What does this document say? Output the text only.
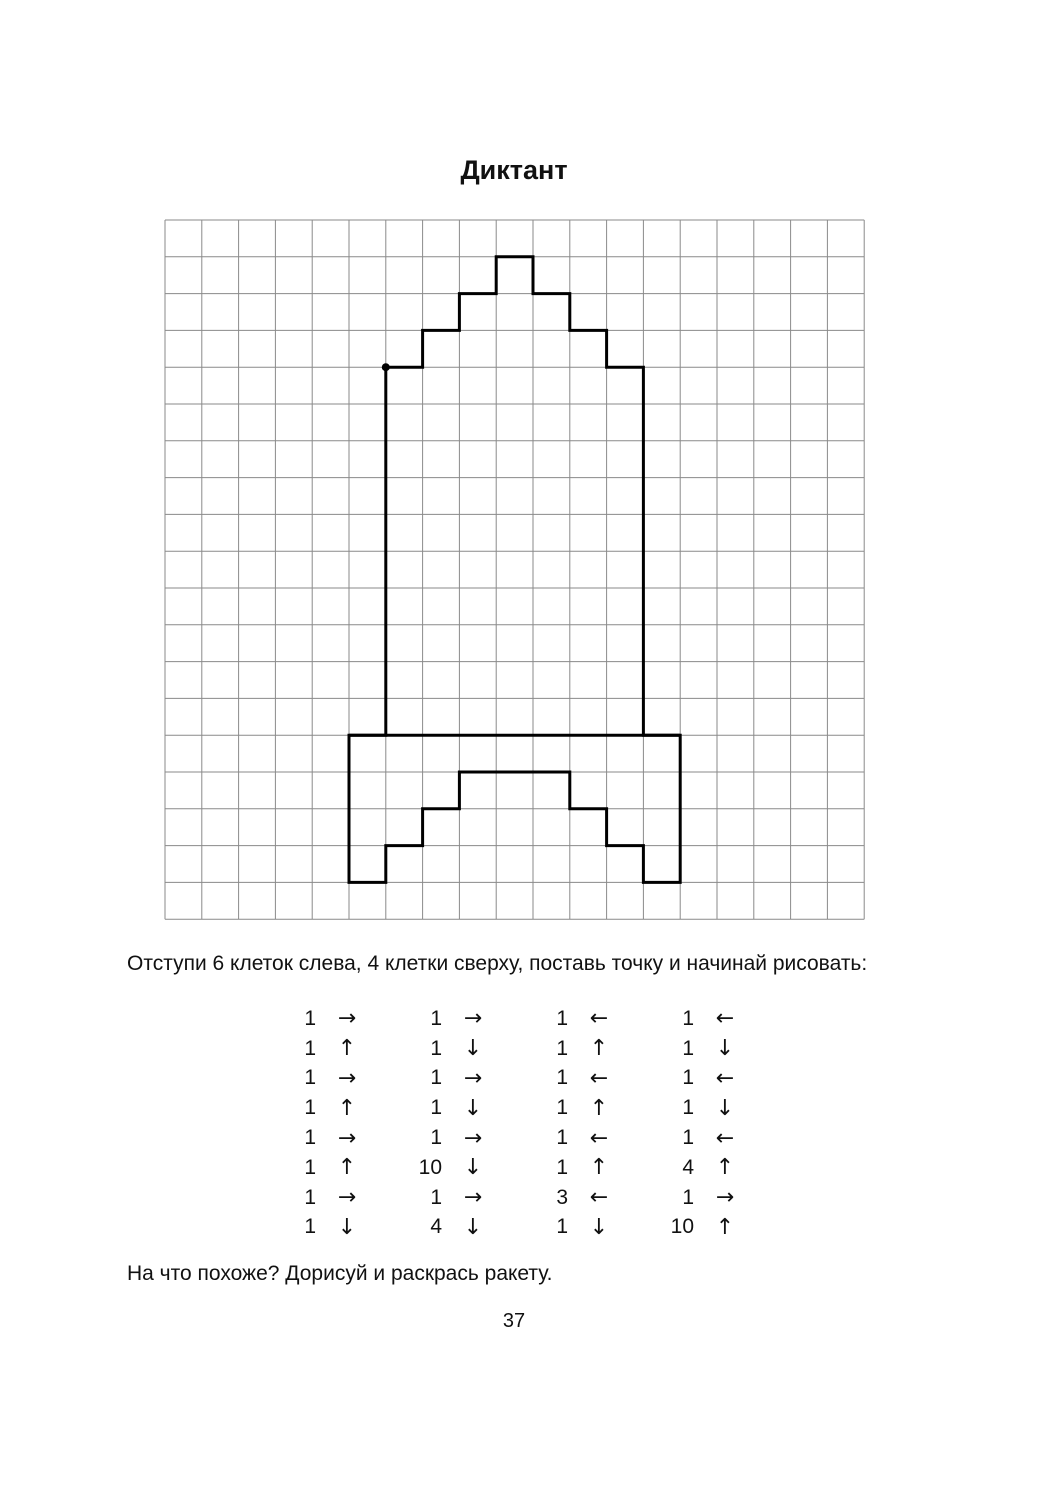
Диктант
Отступи 6 клеток слева, 4 клетки сверху, поставь точку и начинай рисовать:
1 →	1 →	1 ←	1 ←
1 ↑	1 ↓	1 ↑	1 ↓
1 →	1 →	1 ←	1 ←
1 ↑	1 ↓	1 ↑	1 ↓
1 →	1 →	1 ←	1 ←
1 ↑	10 ↓	1 ↑	4 ↑
1 →	1 →	3 ←	1 →
1 ↓	4 ↓	1 ↓	10 ↑
На что похоже? Дорисуй и раскрась ракету.
37
